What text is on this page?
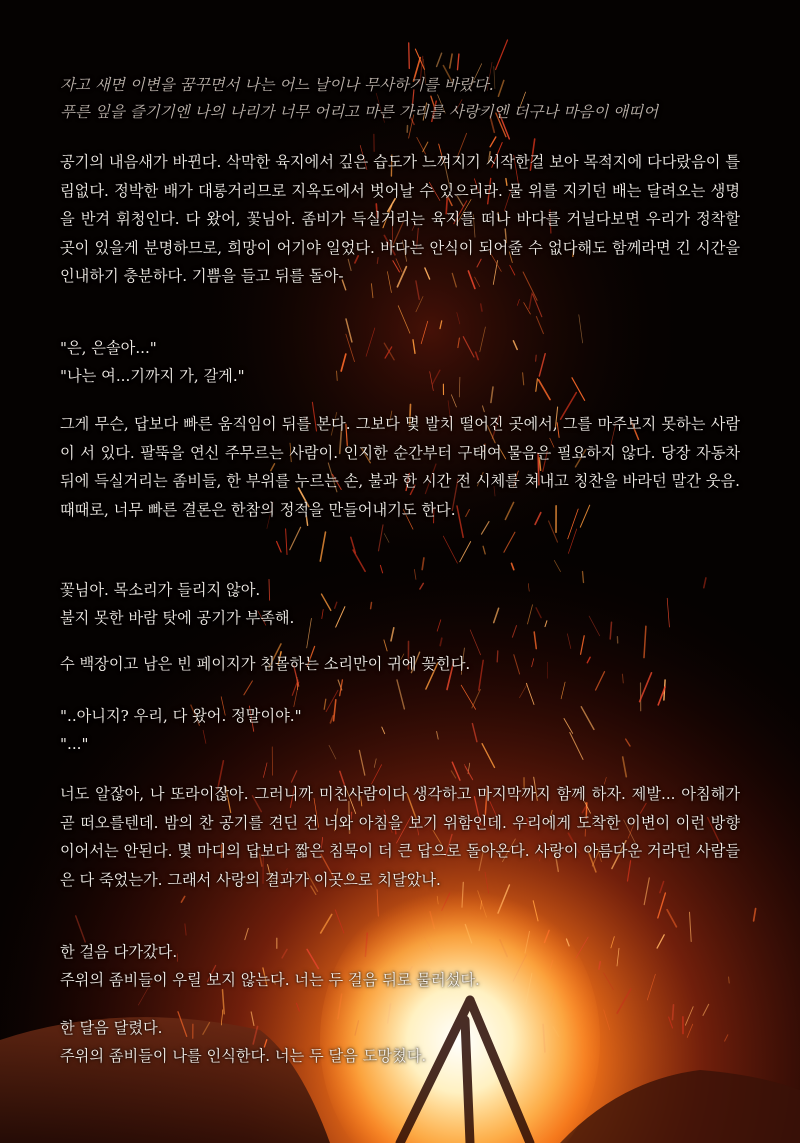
자고 새면 이변을 꿈꾸면서 나는 어느 날이나 무사하기를 바랐다.
푸른 잎을 즐기기엔 나의 나리가 너무 어리고 마른 가리를 사랑키엔 더구나 마음이 애띠어
공기의 내음새가 바뀐다. 삭막한 육지에서 깊은 습도가 느껴지기 시작한걸 보아 목적지에 다다랐음이 틀림없다. 정박한 배가 대롱거리므로 지옥도에서 벗어날 수 있으리라. 물 위를 지키던 배는 달려오는 생명을 반겨 휘청인다. 다 왔어, 꽃님아. 좀비가 득실거리는 육지를 떠나 바다를 거닐다보면 우리가 정착할 곳이 있을게 분명하므로, 희망이 어기야 일었다. 바다는 안식이 되어줄 수 없다해도 함께라면 긴 시간을 인내하기 충분하다. 기쁨을 들고 뒤를 돌아-
"은, 은솔아..."
"나는 여...기까지 가, 갈게."
그게 무슨, 답보다 빠른 움직임이 뒤를 본다. 그보다 몇 발치 떨어진 곳에서, 그를 마주보지 못하는 사람이 서 있다. 팔뚝을 연신 주무르는 사람이. 인지한 순간부터 구태여 물음은 필요하지 않다. 당장 자동차 뒤에 득실거리는 좀비들, 한 부위를 누르는 손, 불과 한 시간 전 시체를 쳐내고 칭찬을 바라던 말간 웃음. 때때로, 너무 빠른 결론은 한참의 정적을 만들어내기도 한다.
꽃님아. 목소리가 들리지 않아.
불지 못한 바람 탓에 공기가 부족해.
수 백장이고 남은 빈 페이지가 침몰하는 소리만이 귀에 꽂힌다.
"..아니지? 우리, 다 왔어. 정말이야."
"..."
너도 알잖아, 나 또라이잖아. 그러니까 미친사람이다 생각하고 마지막까지 함께 하자. 제발... 아침해가 곧 떠오를텐데. 밤의 찬 공기를 견딘 건 너와 아침을 보기 위함인데. 우리에게 도착한 이변이 이런 방향이어서는 안된다. 몇 마디의 답보다 짧은 침묵이 더 큰 답으로 돌아온다. 사랑이 아름다운 거라던 사람들은 다 죽었는가. 그래서 사랑의 결과가 이곳으로 치달았나.
한 걸음 다가갔다.
주위의 좀비들이 우릴 보지 않는다. 너는 두 걸음 뒤로 물러섰다.
한 달음 달렸다.
주위의 좀비들이 나를 인식한다. 너는 두 달음 도망쳤다.
